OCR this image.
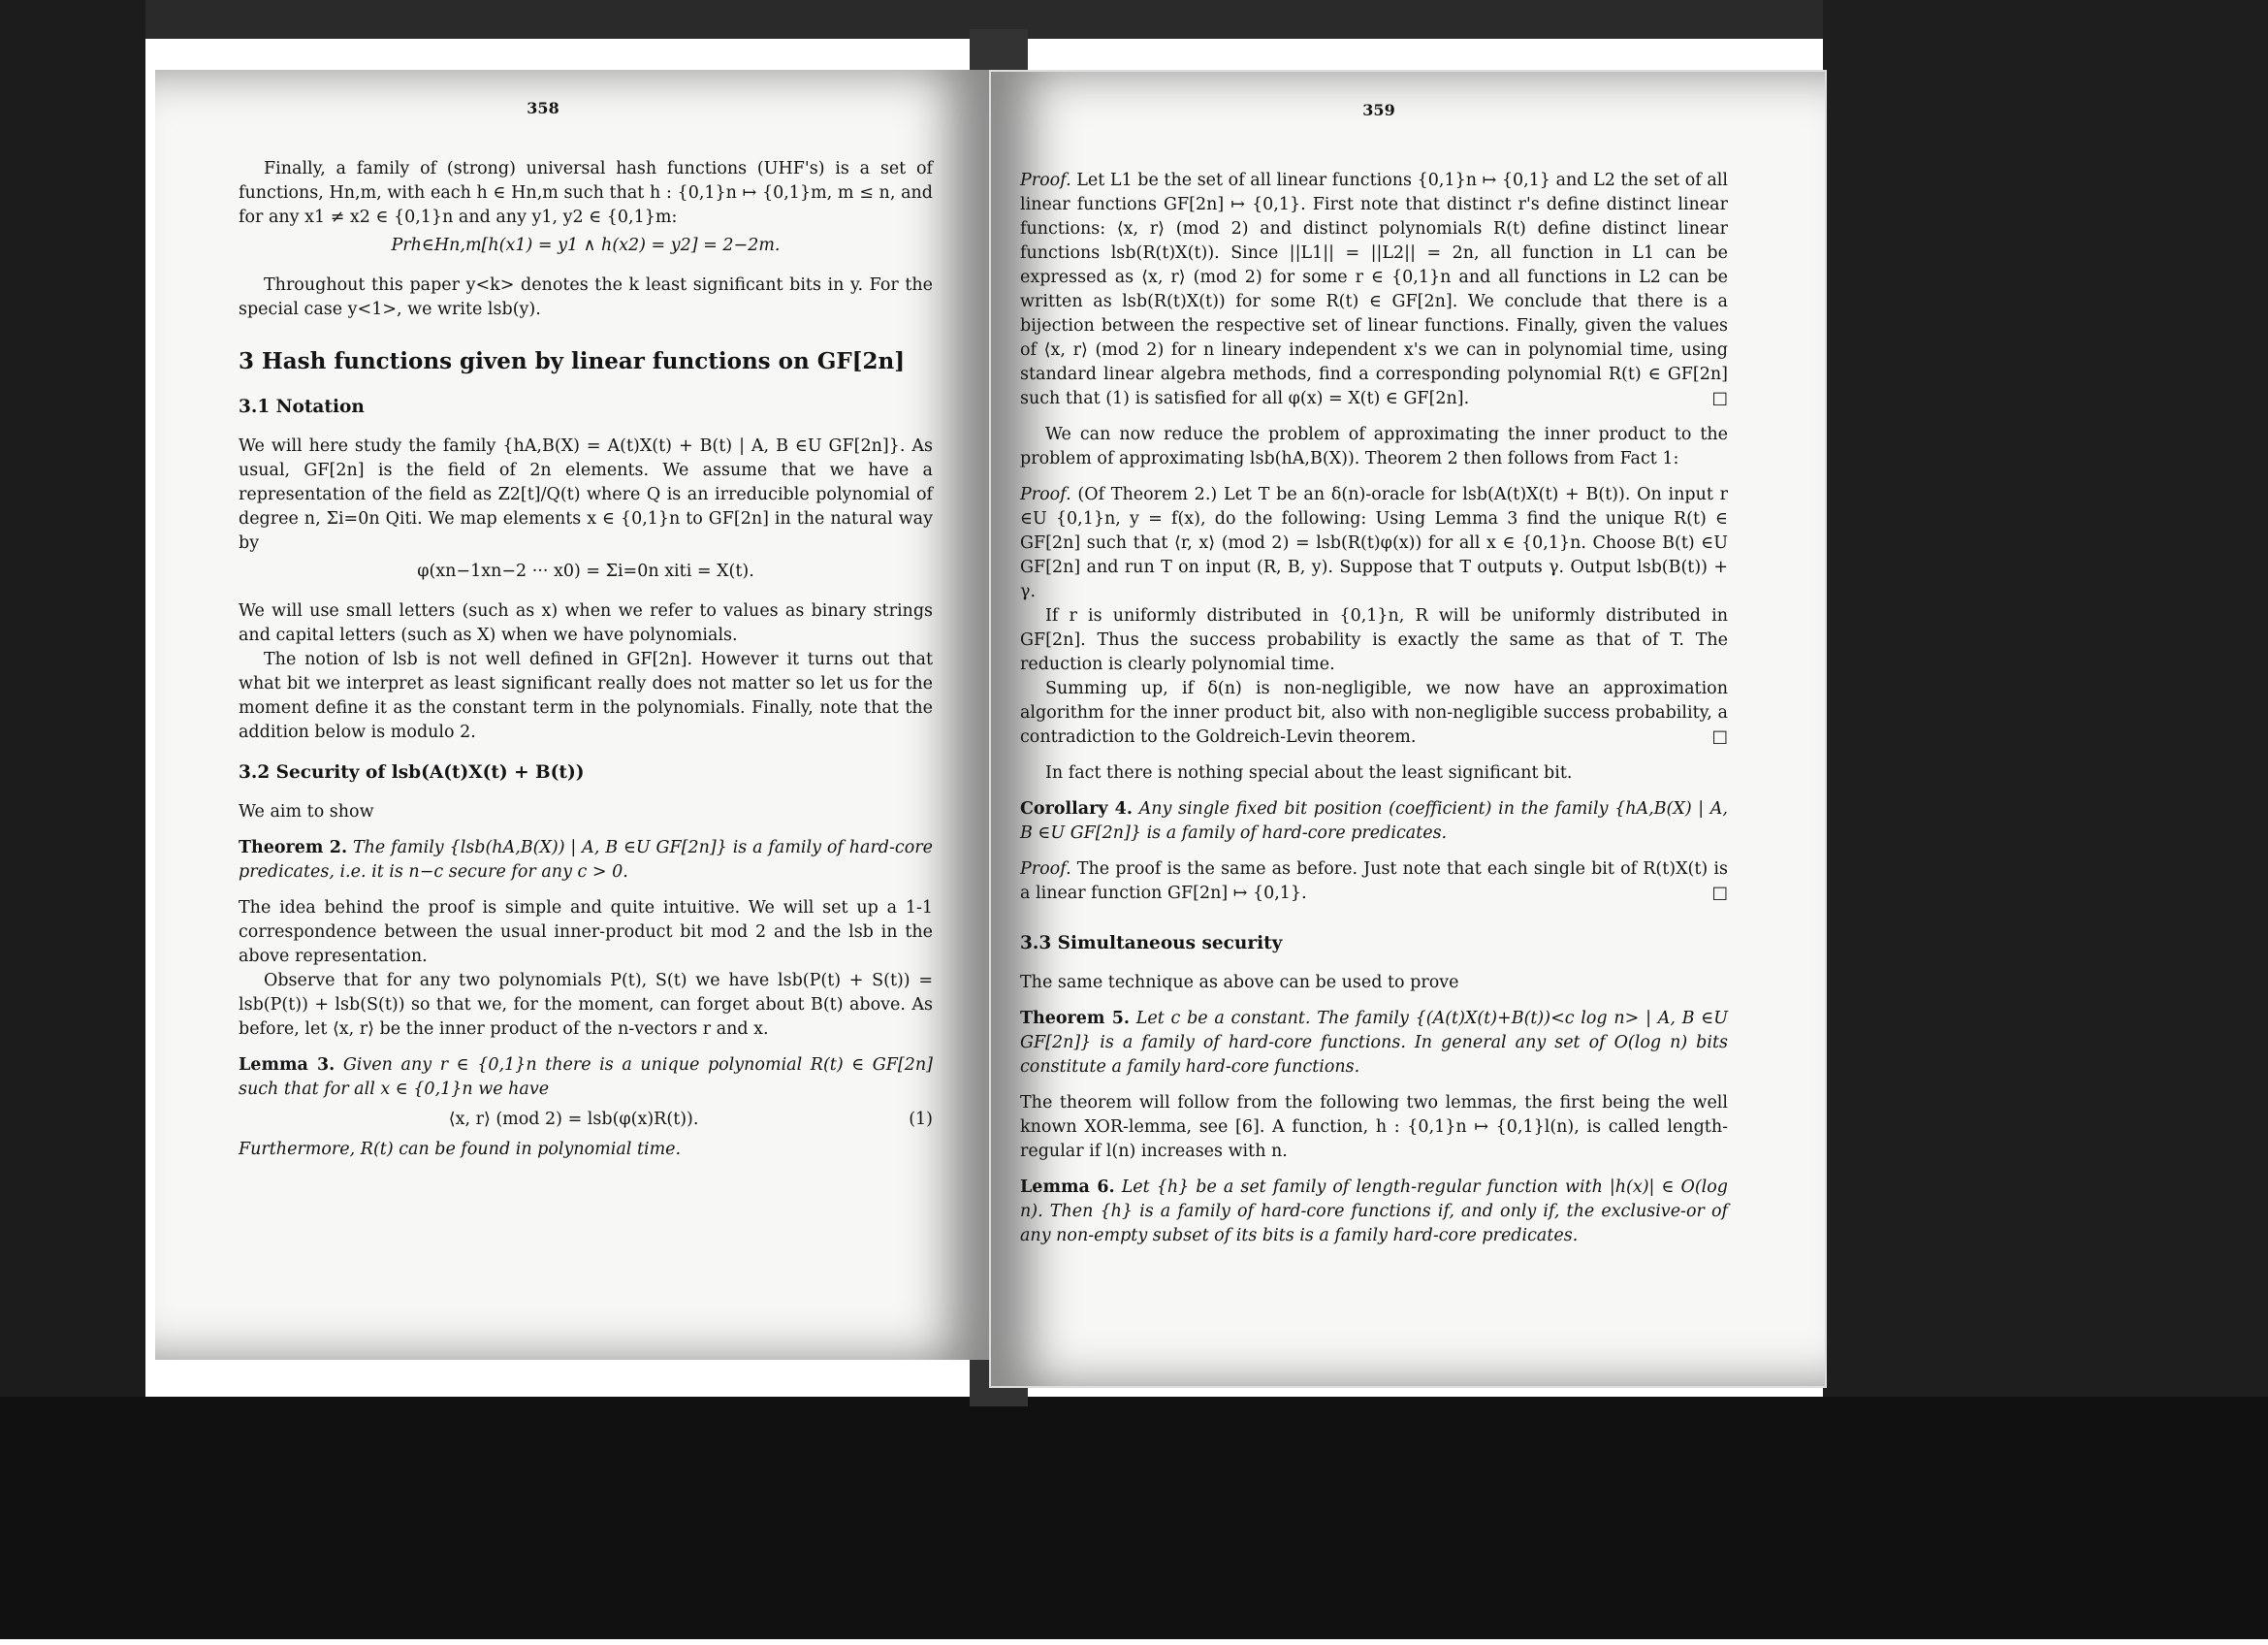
358

Finally, a family of (strong) universal hash functions (UHF's) is a set of functions, Hn,m, with each h ∈ Hn,m such that h : {0,1}n ↦ {0,1}m, m ≤ n, and for any x1 ≠ x2 ∈ {0,1}n and any y1, y2 ∈ {0,1}m:

Prh∈Hn,m[h(x1) = y1 ∧ h(x2) = y2] = 2−2m.

Throughout this paper y<k> denotes the k least significant bits in y. For the special case y<1>, we write lsb(y).

3 Hash functions given by linear functions on GF[2n]
3.1 Notation

We will here study the family {hA,B(X) = A(t)X(t) + B(t) | A, B ∈U GF[2n]}. As usual, GF[2n] is the field of 2n elements. We assume that we have a representation of the field as Z2[t]/Q(t) where Q is an irreducible polynomial of degree n, Σi=0n Qiti. We map elements x ∈ {0,1}n to GF[2n] in the natural way by

φ(xn−1xn−2 ··· x0) = Σi=0n xiti = X(t).

We will use small letters (such as x) when we refer to values as binary strings and capital letters (such as X) when we have polynomials.

The notion of lsb is not well defined in GF[2n]. However it turns out that what bit we interpret as least significant really does not matter so let us for the moment define it as the constant term in the polynomials. Finally, note that the addition below is modulo 2.

3.2 Security of lsb(A(t)X(t) + B(t))

We aim to show

Theorem 2. The family {lsb(hA,B(X)) | A, B ∈U GF[2n]} is a family of hard-core predicates, i.e. it is n−c secure for any c > 0.

The idea behind the proof is simple and quite intuitive. We will set up a 1-1 correspondence between the usual inner-product bit mod 2 and the lsb in the above representation.

Observe that for any two polynomials P(t), S(t) we have lsb(P(t) + S(t)) = lsb(P(t)) + lsb(S(t)) so that we, for the moment, can forget about B(t) above. As before, let ⟨x, r⟩ be the inner product of the n-vectors r and x.

Lemma 3. Given any r ∈ {0,1}n there is a unique polynomial R(t) ∈ GF[2n] such that for all x ∈ {0,1}n we have

⟨x, r⟩ (mod 2) = lsb(φ(x)R(t)).	(1)

Furthermore, R(t) can be found in polynomial time.

359

Proof. Let L1 be the set of all linear functions {0,1}n ↦ {0,1} and L2 the set of all linear functions GF[2n] ↦ {0,1}. First note that distinct r's define distinct linear functions: ⟨x, r⟩ (mod 2) and distinct polynomials R(t) define distinct linear functions lsb(R(t)X(t)). Since ||L1|| = ||L2|| = 2n, all function in L1 can be expressed as ⟨x, r⟩ (mod 2) for some r ∈ {0,1}n and all functions in L2 can be written as lsb(R(t)X(t)) for some R(t) ∈ GF[2n]. We conclude that there is a bijection between the respective set of linear functions. Finally, given the values of ⟨x, r⟩ (mod 2) for n lineary independent x's we can in polynomial time, using standard linear algebra methods, find a corresponding polynomial R(t) ∈ GF[2n] such that (1) is satisfied for all φ(x) = X(t) ∈ GF[2n].	□

We can now reduce the problem of approximating the inner product to the problem of approximating lsb(hA,B(X)). Theorem 2 then follows from Fact 1:

Proof. (Of Theorem 2.) Let T be an δ(n)-oracle for lsb(A(t)X(t) + B(t)). On input r ∈U {0,1}n, y = f(x), do the following: Using Lemma 3 find the unique R(t) ∈ GF[2n] such that ⟨r, x⟩ (mod 2) = lsb(R(t)φ(x)) for all x ∈ {0,1}n. Choose B(t) ∈U GF[2n] and run T on input (R, B, y). Suppose that T outputs γ. Output lsb(B(t)) + γ.

If r is uniformly distributed in {0,1}n, R will be uniformly distributed in GF[2n]. Thus the success probability is exactly the same as that of T. The reduction is clearly polynomial time.

Summing up, if δ(n) is non-negligible, we now have an approximation algorithm for the inner product bit, also with non-negligible success probability, a contradiction to the Goldreich-Levin theorem.	□

In fact there is nothing special about the least significant bit.

Corollary 4. Any single fixed bit position (coefficient) in the family {hA,B(X) | A, B ∈U GF[2n]} is a family of hard-core predicates.

Proof. The proof is the same as before. Just note that each single bit of R(t)X(t) is a linear function GF[2n] ↦ {0,1}.	□

3.3 Simultaneous security

The same technique as above can be used to prove

Theorem 5. Let c be a constant. The family {(A(t)X(t)+B(t))<c log n> | A, B ∈U GF[2n]} is a family of hard-core functions. In general any set of O(log n) bits constitute a family hard-core functions.

The theorem will follow from the following two lemmas, the first being the well known XOR-lemma, see [6]. A function, h : {0,1}n ↦ {0,1}l(n), is called length-regular if l(n) increases with n.

Lemma 6. Let {h} be a set family of length-regular function with |h(x)| ∈ O(log n). Then {h} is a family of hard-core functions if, and only if, the exclusive-or of any non-empty subset of its bits is a family hard-core predicates.
